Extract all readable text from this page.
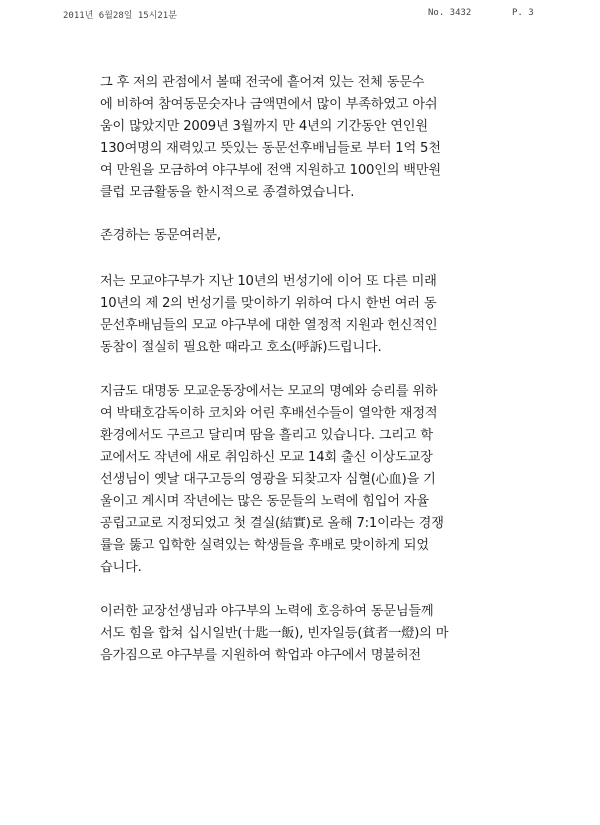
2011년 6월28일 15시21분	No. 3432	P. 3

그 후 저의 관점에서 볼때 전국에 흩어져 있는 전체 동문수
에 비하여 참여동문숫자나 금액면에서 많이 부족하였고 아쉬
움이 많았지만 2009년 3월까지 만 4년의 기간동안 연인원
130여명의 재력있고 뜻있는 동문선후배님들로 부터 1억 5천
여 만원을 모금하여 야구부에 전액 지원하고 100인의 백만원
클럽 모금활동을 한시적으로 종결하였습니다.

존경하는 동문여러분,

저는 모교야구부가 지난 10년의 번성기에 이어 또 다른 미래
10년의 제 2의 번성기를 맞이하기 위하여 다시 한번 여러 동
문선후배님들의 모교 야구부에 대한 열정적 지원과 헌신적인
동참이 절실히 필요한 때라고 호소(呼訴)드립니다.

지금도 대명동 모교운동장에서는 모교의 명예와 승리를 위하
여 박태호감독이하 코치와 어린 후배선수들이 열악한 재정적
환경에서도 구르고 달리며 땀을 흘리고 있습니다. 그리고 학
교에서도 작년에 새로 취임하신 모교 14회 출신 이상도교장
선생님이 옛날 대구고등의 영광을 되찾고자 심혈(心血)을 기
울이고 계시며 작년에는 많은 동문들의 노력에 힘입어 자율
공립고교로 지정되었고 첫 결실(結實)로 올해 7:1이라는 경쟁
률을 뚫고 입학한 실력있는 학생들을 후배로 맞이하게 되었
습니다.

이러한 교장선생님과 야구부의 노력에 호응하여 동문님들께
서도 힘을 합쳐 십시일반(十匙一飯), 빈자일등(貧者一燈)의 마
음가짐으로 야구부를 지원하여 학업과 야구에서 명불허전
